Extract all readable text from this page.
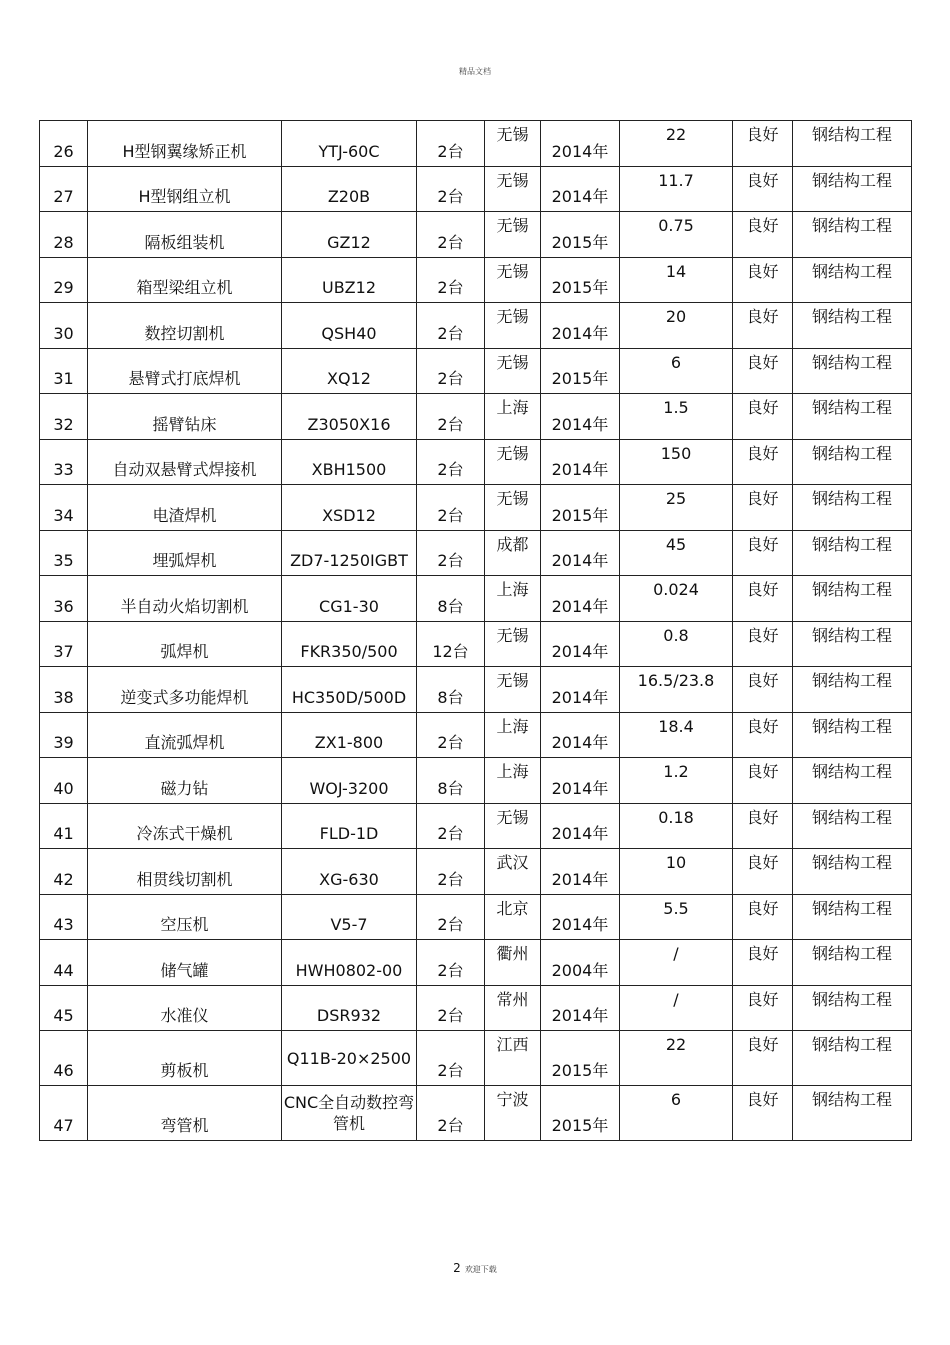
精品文档
26	H型钢翼缘矫正机	YTJ-60C	2台	无锡	2014年	22	良好	钢结构工程
27	H型钢组立机	Z20B	2台	无锡	2014年	11.7	良好	钢结构工程
28	隔板组装机	GZ12	2台	无锡	2015年	0.75	良好	钢结构工程
29	箱型梁组立机	UBZ12	2台	无锡	2015年	14	良好	钢结构工程
30	数控切割机	QSH40	2台	无锡	2014年	20	良好	钢结构工程
31	悬臂式打底焊机	XQ12	2台	无锡	2015年	6	良好	钢结构工程
32	摇臂钻床	Z3050X16	2台	上海	2014年	1.5	良好	钢结构工程
33	自动双悬臂式焊接机	XBH1500	2台	无锡	2014年	150	良好	钢结构工程
34	电渣焊机	XSD12	2台	无锡	2015年	25	良好	钢结构工程
35	埋弧焊机	ZD7-1250IGBT	2台	成都	2014年	45	良好	钢结构工程
36	半自动火焰切割机	CG1-30	8台	上海	2014年	0.024	良好	钢结构工程
37	弧焊机	FKR350/500	12台	无锡	2014年	0.8	良好	钢结构工程
38	逆变式多功能焊机	HC350D/500D	8台	无锡	2014年	16.5/23.8	良好	钢结构工程
39	直流弧焊机	ZX1-800	2台	上海	2014年	18.4	良好	钢结构工程
40	磁力钻	WOJ-3200	8台	上海	2014年	1.2	良好	钢结构工程
41	冷冻式干燥机	FLD-1D	2台	无锡	2014年	0.18	良好	钢结构工程
42	相贯线切割机	XG-630	2台	武汉	2014年	10	良好	钢结构工程
43	空压机	V5-7	2台	北京	2014年	5.5	良好	钢结构工程
44	储气罐	HWH0802-00	2台	衢州	2004年	/	良好	钢结构工程
45	水准仪	DSR932	2台	常州	2014年	/	良好	钢结构工程
46	剪板机	Q11B-20×2500	2台	江西	2015年	22	良好	钢结构工程
47	弯管机	CNC全自动数控弯管机	2台	宁波	2015年	6	良好	钢结构工程
2 欢迎下载
